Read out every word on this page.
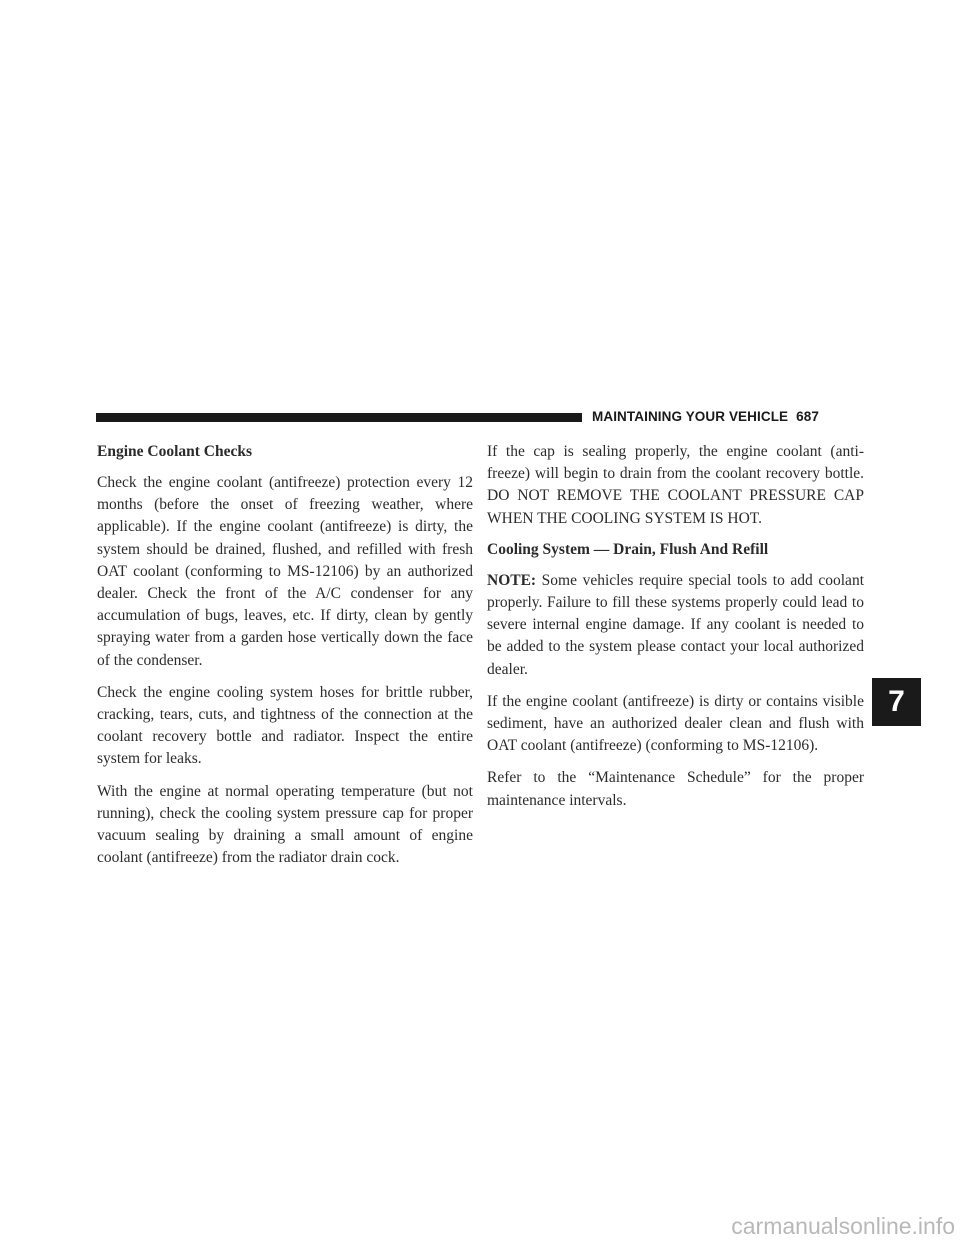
MAINTAINING YOUR VEHICLE 687
Engine Coolant Checks

Check the engine coolant (antifreeze) protection every 12 months (before the onset of freezing weather, where applicable). If the engine coolant (antifreeze) is dirty, the system should be drained, flushed, and refilled with fresh OAT coolant (conforming to MS-12106) by an authorized dealer. Check the front of the A/C condenser for any accumulation of bugs, leaves, etc. If dirty, clean by gently spraying water from a garden hose vertically down the face of the condenser.

Check the engine cooling system hoses for brittle rubber, cracking, tears, cuts, and tightness of the connection at the coolant recovery bottle and radiator. Inspect the entire system for leaks.

With the engine at normal operating temperature (but not running), check the cooling system pressure cap for proper vacuum sealing by draining a small amount of engine coolant (antifreeze) from the radiator drain cock.

If the cap is sealing properly, the engine coolant (anti-freeze) will begin to drain from the coolant recovery bottle. DO NOT REMOVE THE COOLANT PRESSURE CAP WHEN THE COOLING SYSTEM IS HOT.

Cooling System — Drain, Flush And Refill

NOTE: Some vehicles require special tools to add coolant properly. Failure to fill these systems properly could lead to severe internal engine damage. If any coolant is needed to be added to the system please contact your local authorized dealer.

If the engine coolant (antifreeze) is dirty or contains visible sediment, have an authorized dealer clean and flush with OAT coolant (antifreeze) (conforming to MS-12106).

Refer to the “Maintenance Schedule” for the proper maintenance intervals.

7
carmanualsonline.info
